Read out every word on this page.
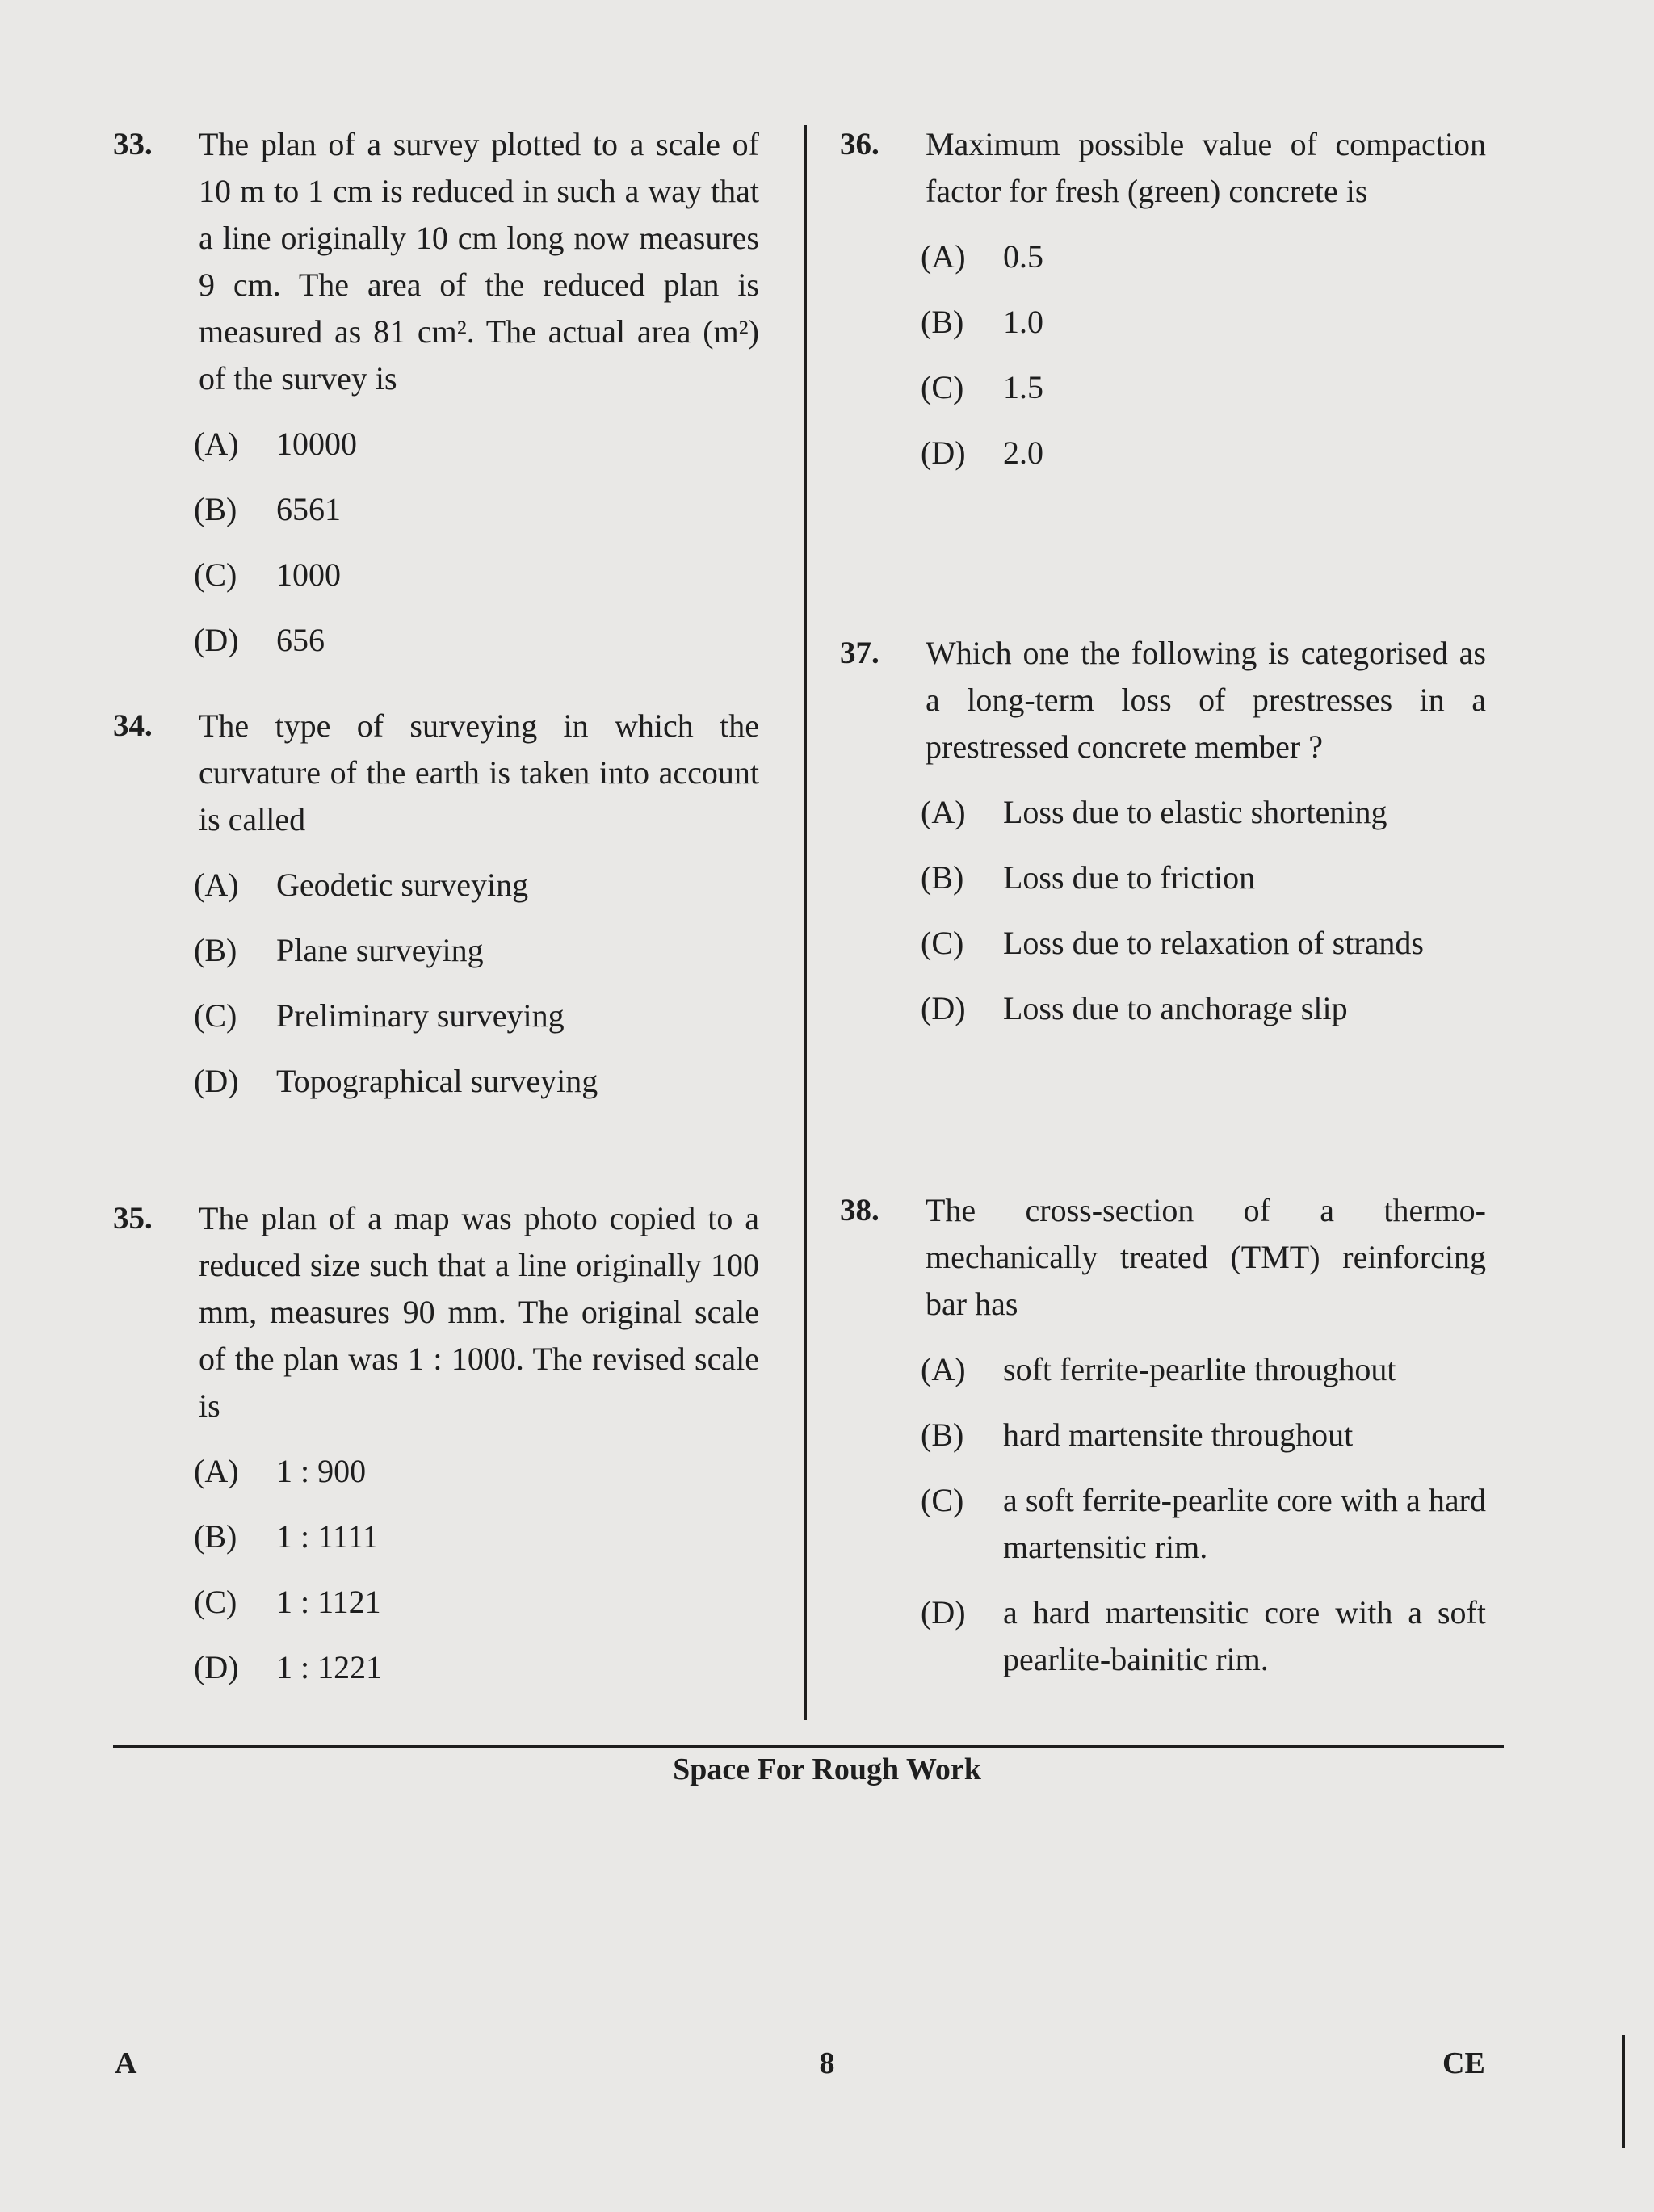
33. The plan of a survey plotted to a scale of 10 m to 1 cm is reduced in such a way that a line originally 10 cm long now measures 9 cm. The area of the reduced plan is measured as 81 cm². The actual area (m²) of the survey is
(A)	10000
(B)	6561
(C)	1000
(D)	656
34. The type of surveying in which the curvature of the earth is taken into account is called
(A)	Geodetic surveying
(B)	Plane surveying
(C)	Preliminary surveying
(D)	Topographical surveying
35. The plan of a map was photo copied to a reduced size such that a line originally 100 mm, measures 90 mm. The original scale of the plan was 1 : 1000. The revised scale is
(A)	1 : 900
(B)	1 : 1111
(C)	1 : 1121
(D)	1 : 1221
36. Maximum possible value of compaction factor for fresh (green) concrete is
(A)	0.5
(B)	1.0
(C)	1.5
(D)	2.0
37. Which one the following is categorised as a long-term loss of prestresses in a prestressed concrete member ?
(A)	Loss due to elastic shortening
(B)	Loss due to friction
(C)	Loss due to relaxation of strands
(D)	Loss due to anchorage slip
38. The cross-section of a thermo-mechanically treated (TMT) reinforcing bar has
(A)	soft ferrite-pearlite throughout
(B)	hard martensite throughout
(C)	a soft ferrite-pearlite core with a hard martensitic rim.
(D)	a hard martensitic core with a soft pearlite-bainitic rim.
Space For Rough Work
A	8	CE
